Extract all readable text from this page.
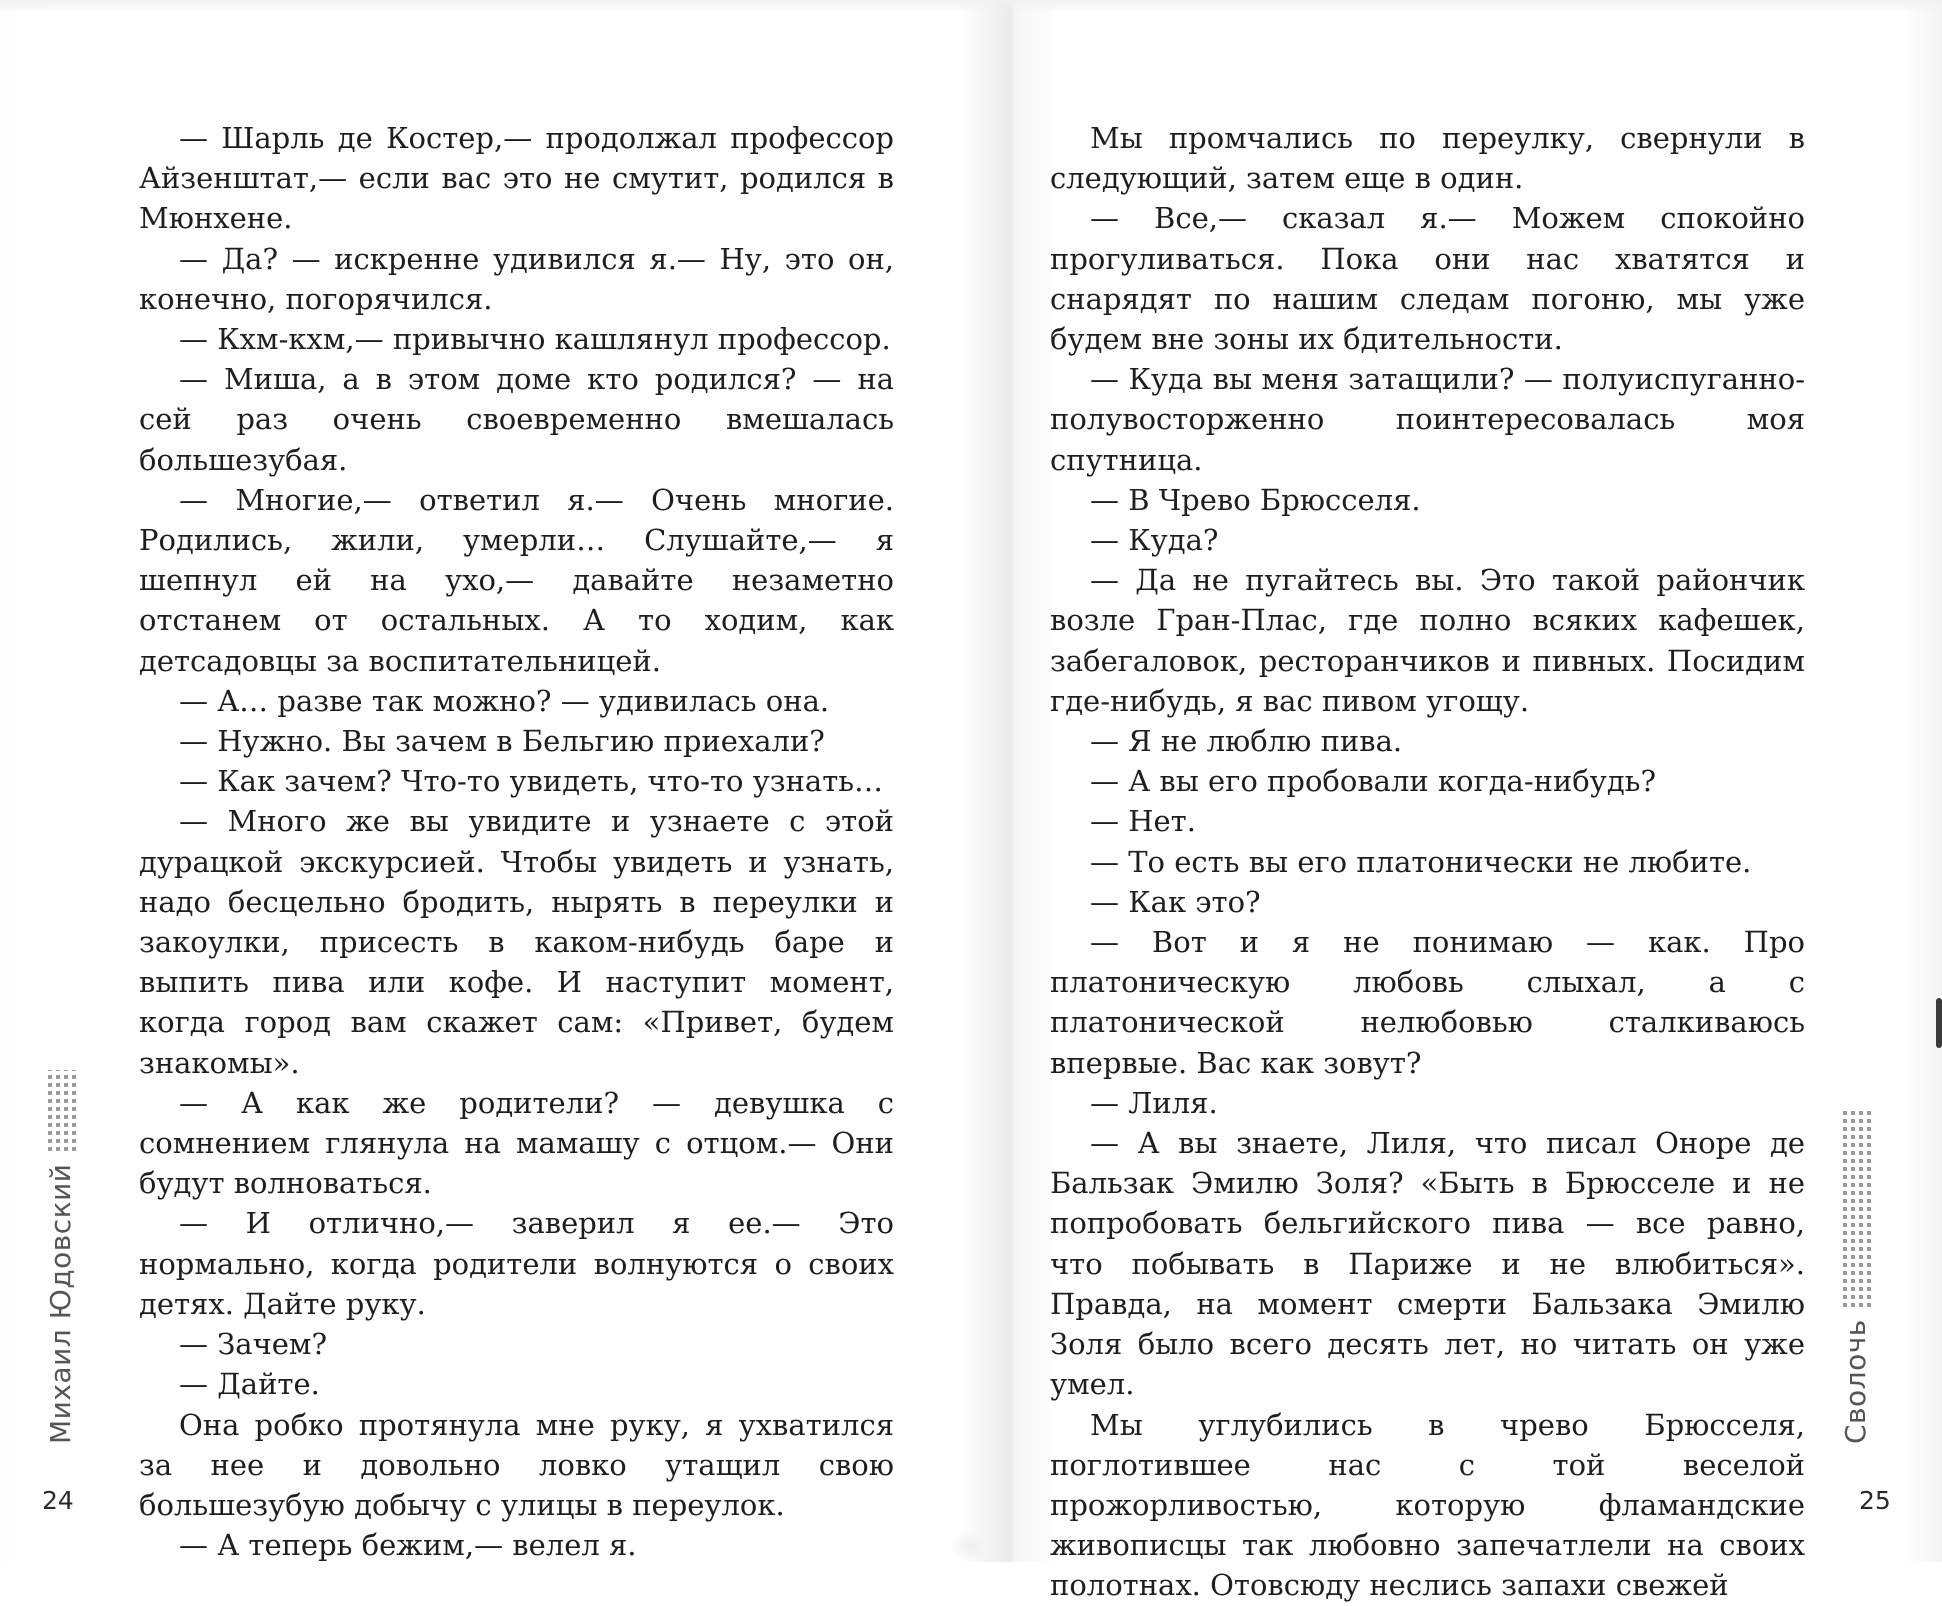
— Шарль де Костер,— продолжал профессор Айзенштат,— если вас это не смутит, родился в Мюнхене.

— Да? — искренне удивился я.— Ну, это он, конечно, погорячился.

— Кхм-кхм,— привычно кашлянул профессор.

— Миша, а в этом доме кто родился? — на сей раз очень своевременно вмешалась большезубая.

— Многие,— ответил я.— Очень многие. Родились, жили, умерли… Слушайте,— я шепнул ей на ухо,— давайте незаметно отстанем от остальных. А то ходим, как детсадовцы за воспитательницей.

— А… разве так можно? — удивилась она.

— Нужно. Вы зачем в Бельгию приехали?

— Как зачем? Что-то увидеть, что-то узнать…

— Много же вы увидите и узнаете с этой дурацкой экскурсией. Чтобы увидеть и узнать, надо бесцельно бродить, нырять в переулки и закоулки, присесть в каком-нибудь баре и выпить пива или кофе. И наступит момент, когда город вам скажет сам: «Привет, будем знакомы».

— А как же родители? — девушка с сомнением глянула на мамашу с отцом.— Они будут волноваться.

— И отлично,— заверил я ее.— Это нормально, когда родители волнуются о своих детях. Дайте руку.

— Зачем?

— Дайте.

Она робко протянула мне руку, я ухватился за нее и довольно ловко утащил свою большезубую добычу с улицы в переулок.

— А теперь бежим,— велел я.

Михаил Юдовский
24

Мы промчались по переулку, свернули в следующий, затем еще в один.

— Все,— сказал я.— Можем спокойно прогуливаться. Пока они нас хватятся и снарядят по нашим следам погоню, мы уже будем вне зоны их бдительности.

— Куда вы меня затащили? — полуиспуганно-полувосторженно поинтересовалась моя спутница.

— В Чрево Брюсселя.

— Куда?

— Да не пугайтесь вы. Это такой райончик возле Гран-Плас, где полно всяких кафешек, забегаловок, ресторанчиков и пивных. Посидим где-нибудь, я вас пивом угощу.

— Я не люблю пива.

— А вы его пробовали когда-нибудь?

— Нет.

— То есть вы его платонически не любите.

— Как это?

— Вот и я не понимаю — как. Про платоническую любовь слыхал, а с платонической нелюбовью сталкиваюсь впервые. Вас как зовут?

— Лиля.

— А вы знаете, Лиля, что писал Оноре де Бальзак Эмилю Золя? «Быть в Брюсселе и не попробовать бельгийского пива — все равно, что побывать в Париже и не влюбиться». Правда, на момент смерти Бальзака Эмилю Золя было всего десять лет, но читать он уже умел.

Мы углубились в чрево Брюсселя, поглотившее нас с той веселой прожорливостью, которую фламандские живописцы так любовно запечатлели на своих полотнах. Отовсюду неслись запахи свежей

Сволочь
25
